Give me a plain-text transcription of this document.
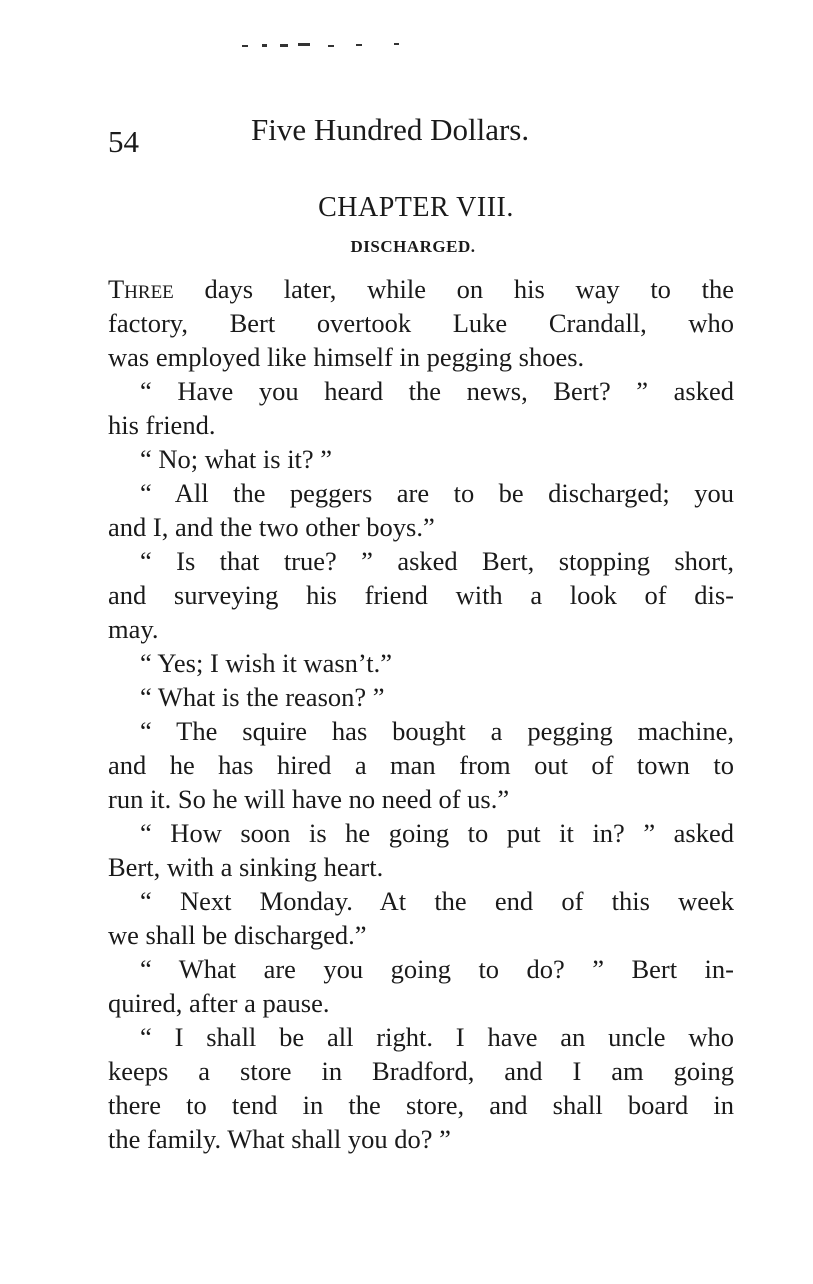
54	Five Hundred Dollars.
CHAPTER VIII.
DISCHARGED.
Three days later, while on his way to the
factory, Bert overtook Luke Crandall, who
was employed like himself in pegging shoes.
“ Have you heard the news, Bert? ” asked
his friend.
“ No; what is it? ”
“ All the peggers are to be discharged; you
and I, and the two other boys.”
“ Is that true? ” asked Bert, stopping short,
and surveying his friend with a look of dis-
may.
“ Yes; I wish it wasn’t.”
“ What is the reason? ”
“ The squire has bought a pegging machine,
and he has hired a man from out of town to
run it. So he will have no need of us.”
“ How soon is he going to put it in? ” asked
Bert, with a sinking heart.
“ Next Monday. At the end of this week
we shall be discharged.”
“ What are you going to do? ” Bert in-
quired, after a pause.
“ I shall be all right. I have an uncle who
keeps a store in Bradford, and I am going
there to tend in the store, and shall board in
the family. What shall you do? ”
